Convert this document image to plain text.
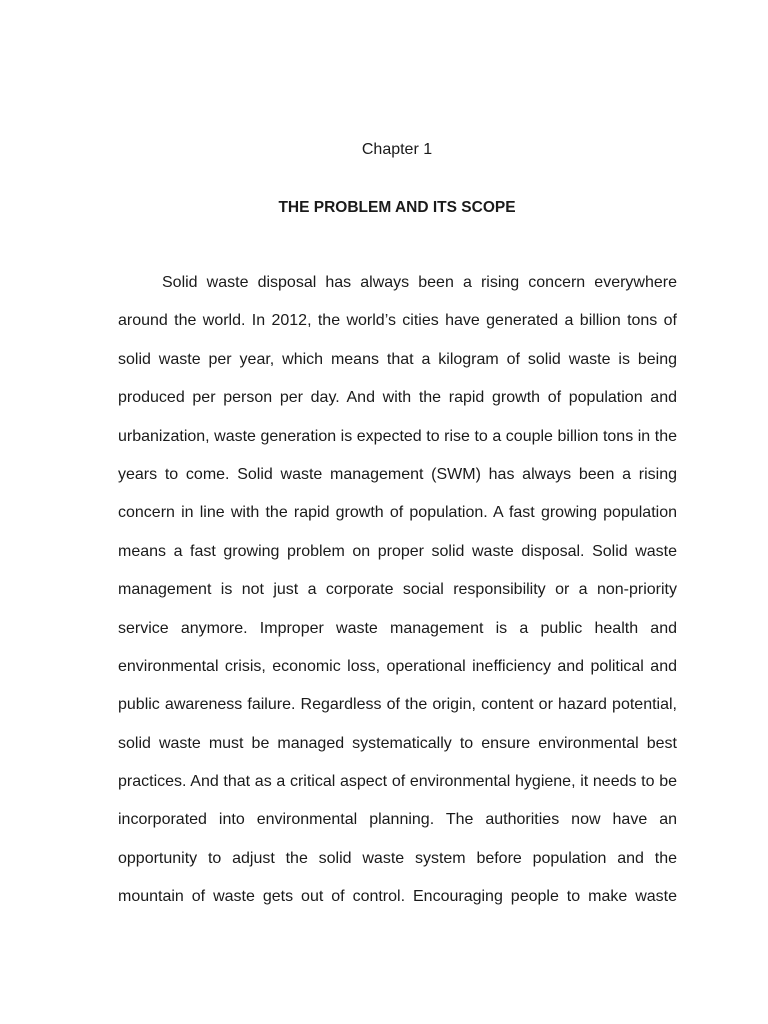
Chapter 1
THE PROBLEM AND ITS SCOPE
Solid waste disposal has always been a rising concern everywhere
around the world. In 2012, the world’s cities have generated a billion tons of
solid waste per year, which means that a kilogram of solid waste is being
produced per person per day. And with the rapid growth of population and
urbanization, waste generation is expected to rise to a couple billion tons in the
years to come. Solid waste management (SWM) has always been a rising
concern in line with the rapid growth of population. A fast growing population
means a fast growing problem on proper solid waste disposal. Solid waste
management is not just a corporate social responsibility or a non-priority
service anymore. Improper waste management is a public health and
environmental crisis, economic loss, operational inefficiency and political and
public awareness failure. Regardless of the origin, content or hazard potential,
solid waste must be managed systematically to ensure environmental best
practices. And that as a critical aspect of environmental hygiene, it needs to be
incorporated into environmental planning. The authorities now have an
opportunity to adjust the solid waste system before population and the
mountain of waste gets out of control. Encouraging people to make waste
